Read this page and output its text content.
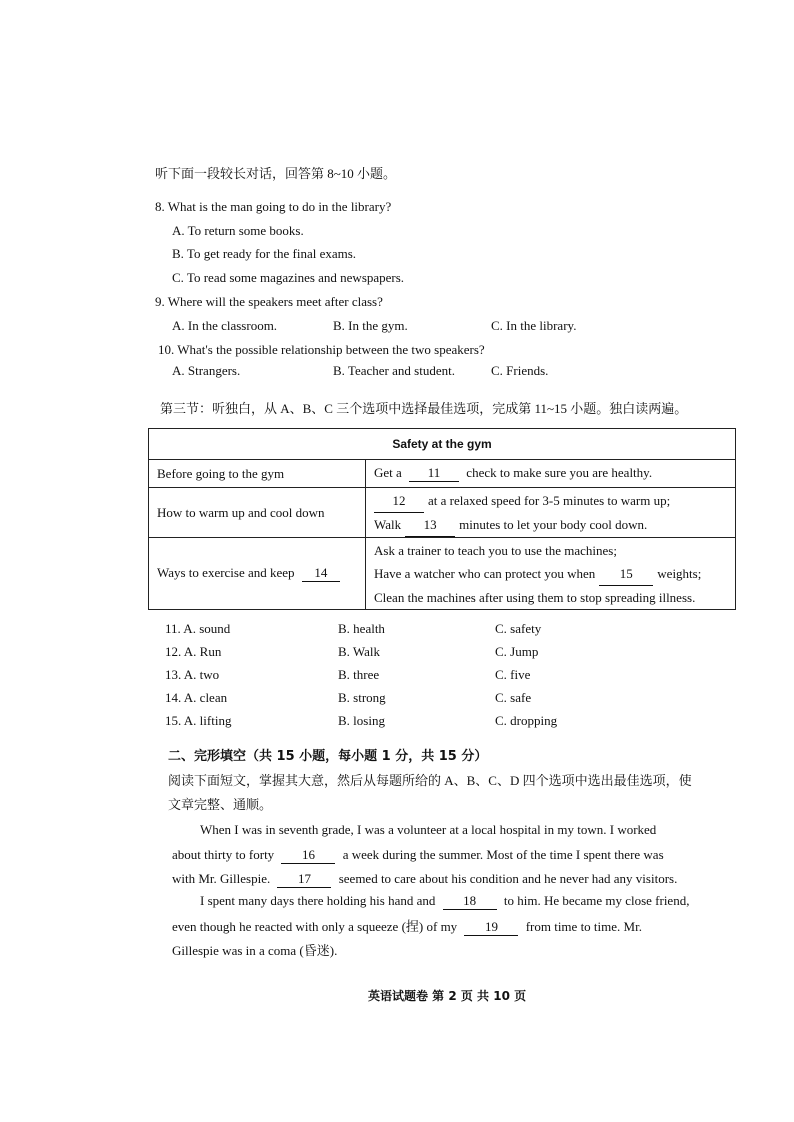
听下面一段较长对话，回答第 8~10 小题。
8. What is the man going to do in the library?
A. To return some books.
B. To get ready for the final exams.
C. To read some magazines and newspapers.
9. Where will the speakers meet after class?
A. In the classroom.	B. In the gym.	C. In the library.
10. What's the possible relationship between the two speakers?
A. Strangers.	B. Teacher and student.	C. Friends.
第三节：听独白，从 A、B、C 三个选项中选择最佳选项，完成第 11~15 小题。独白读两遍。
Safety at the gym	
Before going to the gym	Get a 11 check to make sure you are healthy.
How to warm up and cool down	12 at a relaxed speed for 3-5 minutes to warm up;
Walk 13 minutes to let your body cool down.

Ways to exercise and keep 14	Ask a trainer to teach you to use the machines;
Have a watcher who can protect you when 15 weights;
Clean the machines after using them to stop spreading illness.
11. A. sound	B. health	C. safety
12. A. Run	B. Walk	C. Jump
13. A. two	B. three	C. five
14. A. clean	B. strong	C. safe
15. A. lifting	B. losing	C. dropping
二、完形填空（共 15 小题，每小题 1 分，共 15 分）
阅读下面短文，掌握其大意，然后从每题所给的 A、B、C、D 四个选项中选出最佳选项，使
文章完整、通顺。
When I was in seventh grade, I was a volunteer at a local hospital in my town. I worked
about thirty to forty 16 a week during the summer. Most of the time I spent there was
with Mr. Gillespie. 17 seemed to care about his condition and he never had any visitors.
I spent many days there holding his hand and 18 to him. He became my close friend,
even though he reacted with only a squeeze (捏) of my 19 from time to time. Mr.
Gillespie was in a coma (昏迷).
英语试题卷 第 2 页 共 10 页
